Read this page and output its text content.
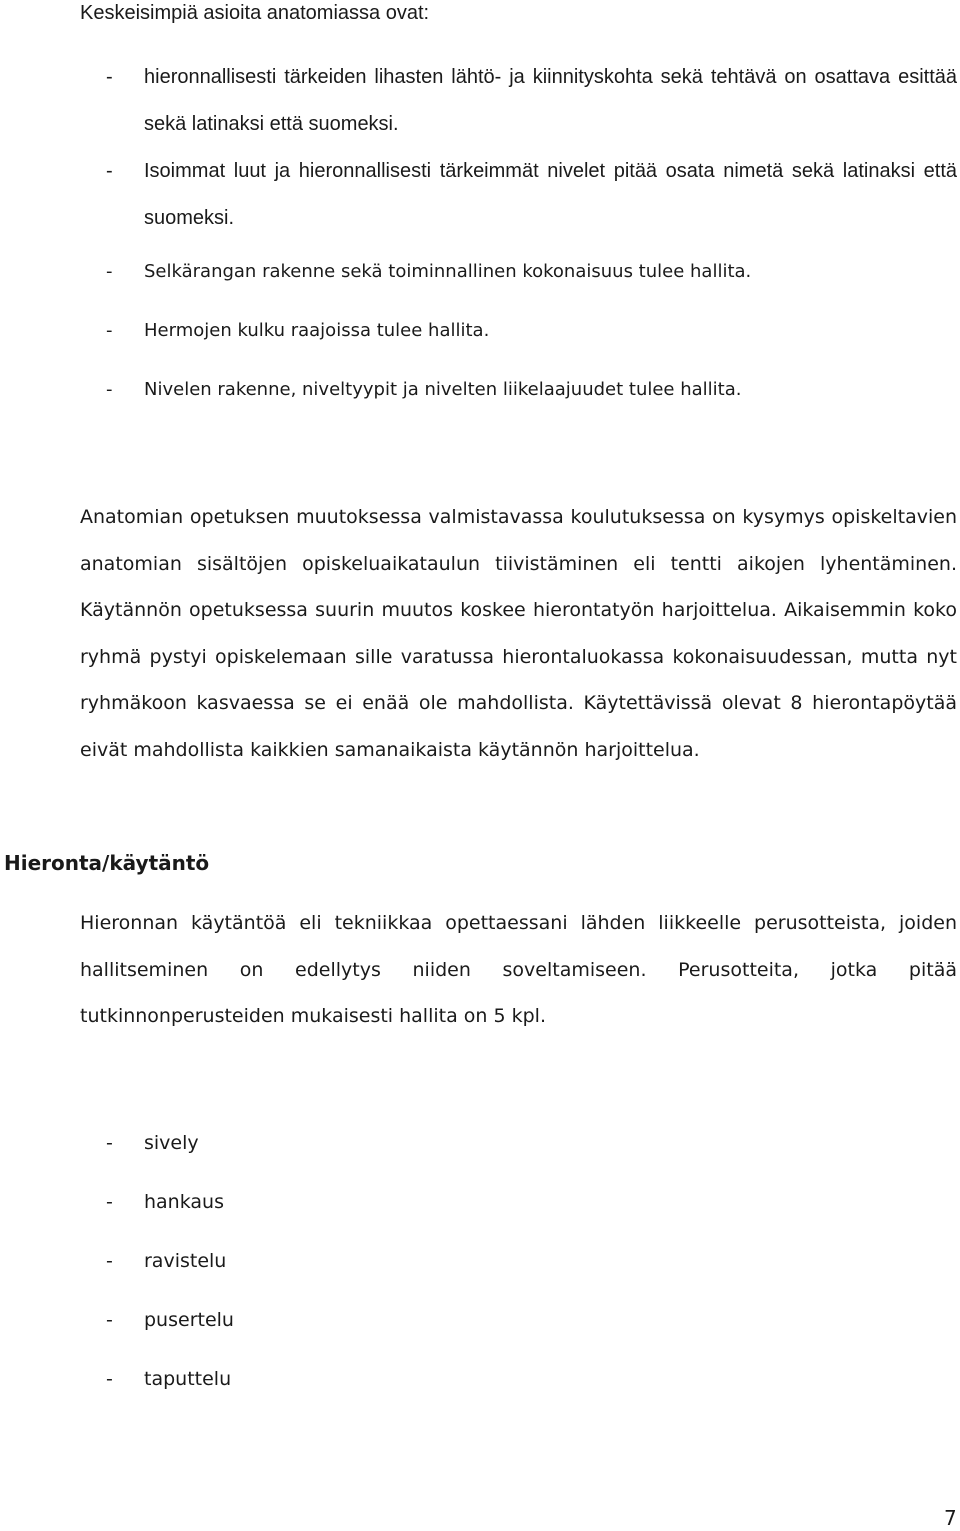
Keskeisimpiä asioita anatomiassa ovat:
- hieronnallisesti tärkeiden lihasten lähtö- ja kiinnityskohta sekä tehtävä on osattava esittää sekä latinaksi että suomeksi.
- Isoimmat luut ja hieronnallisesti tärkeimmät nivelet pitää osata nimetä sekä latinaksi että suomeksi.
- Selkärangan rakenne sekä toiminnallinen kokonaisuus tulee hallita.
- Hermojen kulku raajoissa tulee hallita.
- Nivelen rakenne, niveltyypit ja nivelten liikelaajuudet tulee hallita.

Anatomian opetuksen muutoksessa valmistavassa koulutuksessa on kysymys opiskeltavien anatomian sisältöjen opiskeluaikataulun tiivistäminen eli tentti aikojen lyhentäminen. Käytännön opetuksessa suurin muutos koskee hierontatyön harjoittelua. Aikaisemmin koko ryhmä pystyi opiskelemaan sille varatussa hierontaluokassa kokonaisuudessan, mutta nyt ryhmäkoon kasvaessa se ei enää ole mahdollista. Käytettävissä olevat 8 hierontapöytää eivät mahdollista kaikkien samanaikaista käytännön harjoittelua.

Hieronta/käytäntö

Hieronnan käytäntöä eli tekniikkaa opettaessani lähden liikkeelle perusotteista, joiden hallitseminen on edellytys niiden soveltamiseen. Perusotteita, jotka pitää tutkinnonperusteiden mukaisesti hallita on 5 kpl.

- sively
- hankaus
- ravistelu
- pusertelu
- taputtelu
7
